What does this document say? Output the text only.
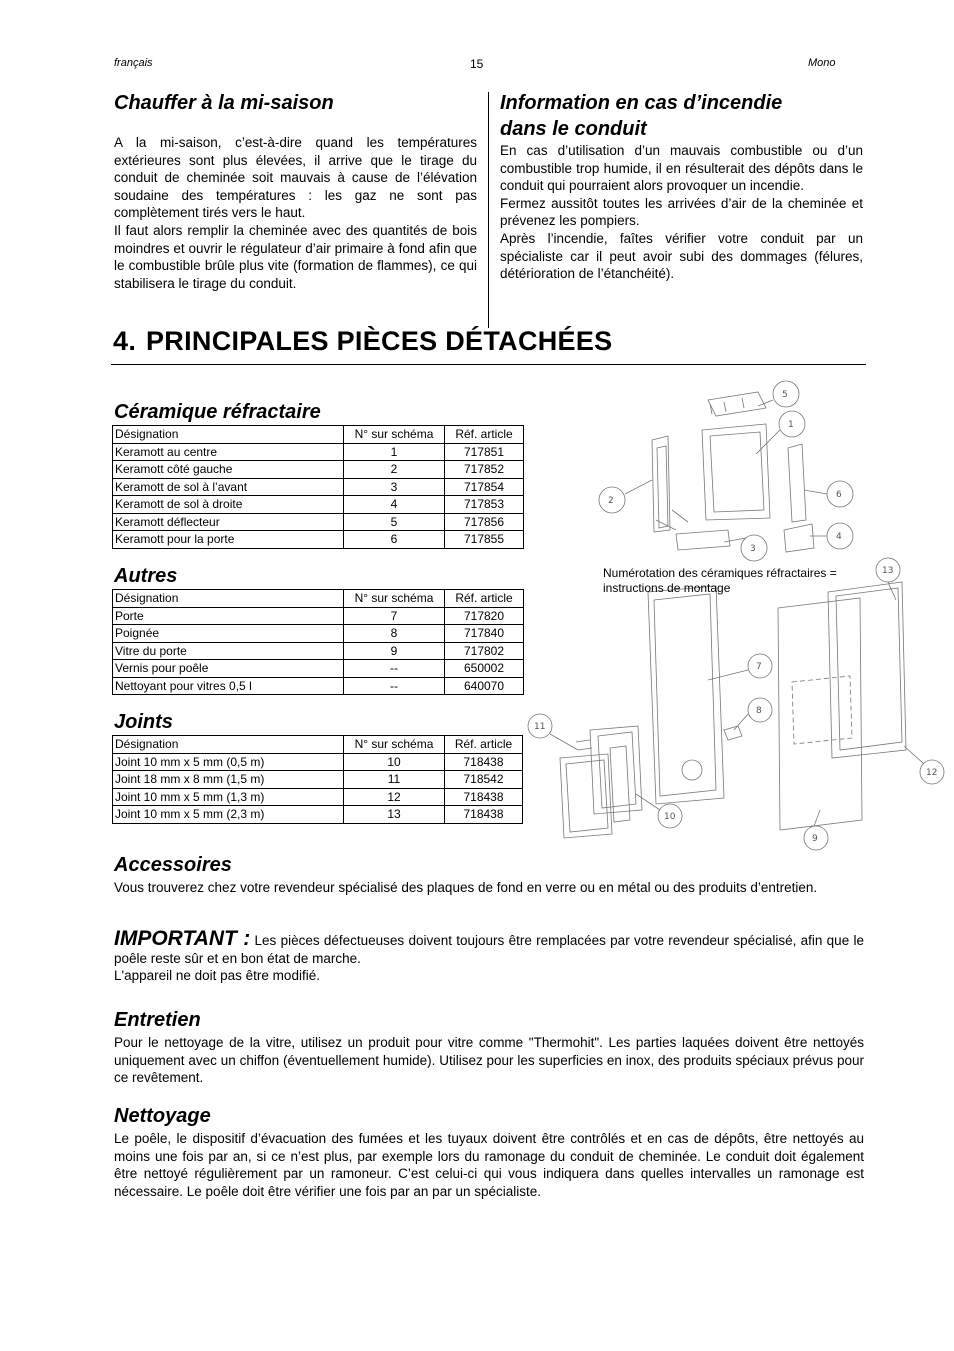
français	15	Mono
Chauffer à la mi-saison

A la mi-saison, c’est-à-dire quand les températures extérieures sont plus élevées, il arrive que le tirage du conduit de cheminée soit mauvais à cause de l’élévation soudaine des températures : les gaz ne sont pas complètement tirés vers le haut.

Il faut alors remplir la cheminée avec des quantités de bois moindres et ouvrir le régulateur d’air primaire à fond afin que le combustible brûle plus vite (formation de flammes), ce qui stabilisera le tirage du conduit.

Information en cas d’incendie
dans le conduit

En cas d’utilisation d’un mauvais combustible ou d’un combustible trop humide, il en résulterait des dépôts dans le conduit qui pourraient alors provoquer un incendie.

Fermez aussitôt toutes les arrivées d’air de la cheminée et prévenez les pompiers.

Après l’incendie, faîtes vérifier votre conduit par un spécialiste car il peut avoir subi des dommages (félures, détérioration de l’étanchéité).

4. PRINCIPALES PIÈCES DÉTACHÉES
Céramique réfractaire
Désignation	N° sur schéma	Réf. article
Keramott au centre	1	717851
Keramott côté gauche	2	717852
Keramott de sol à l’avant	3	717854
Keramott de sol à droite	4	717853
Keramott déflecteur	5	717856
Keramott pour la porte	6	717855
Autres
Désignation	N° sur schéma	Réf. article
Porte	7	717820
Poignée	8	717840
Vitre du porte	9	717802
Vernis pour poêle	--	650002
Nettoyant pour vitres 0,5 l	--	640070
Joints
Désignation	N° sur schéma	Réf. article
Joint 10 mm x 5 mm (0,5 m)	10	718438
Joint 18 mm x 8 mm (1,5 m)	11	718542
Joint 10 mm x 5 mm (1,3 m)	12	718438
Joint 10 mm x 5 mm (2,3 m)	13	718438
5
1
2
6
3
4
7
8
9
10
11
12
13
Numérotation des céramiques réfractaires =
instructions de montage
Accessoires

Vous trouverez chez votre revendeur spécialisé des plaques de fond en verre ou en métal ou des produits d’entretien.

IMPORTANT : Les pièces défectueuses doivent toujours être remplacées par votre revendeur spécialisé, afin que le poêle reste sûr et en bon état de marche.
L'appareil ne doit pas être modifié.
Entretien

Pour le nettoyage de la vitre, utilisez un produit pour vitre comme "Thermohit". Les parties laquées doivent être nettoyés uniquement avec un chiffon (éventuellement humide). Utilisez pour les superficies en inox, des produits spéciaux prévus pour ce revêtement.

Nettoyage

Le poêle, le dispositif d’évacuation des fumées et les tuyaux doivent être contrôlés et en cas de dépôts, être nettoyés au moins une fois par an, si ce n’est plus, par exemple lors du ramonage du conduit de cheminée. Le conduit doit également être nettoyé régulièrement par un ramoneur. C’est celui-ci qui vous indiquera dans quelles intervalles un ramonage est nécessaire. Le poêle doit être vérifier une fois par an par un spécialiste.
